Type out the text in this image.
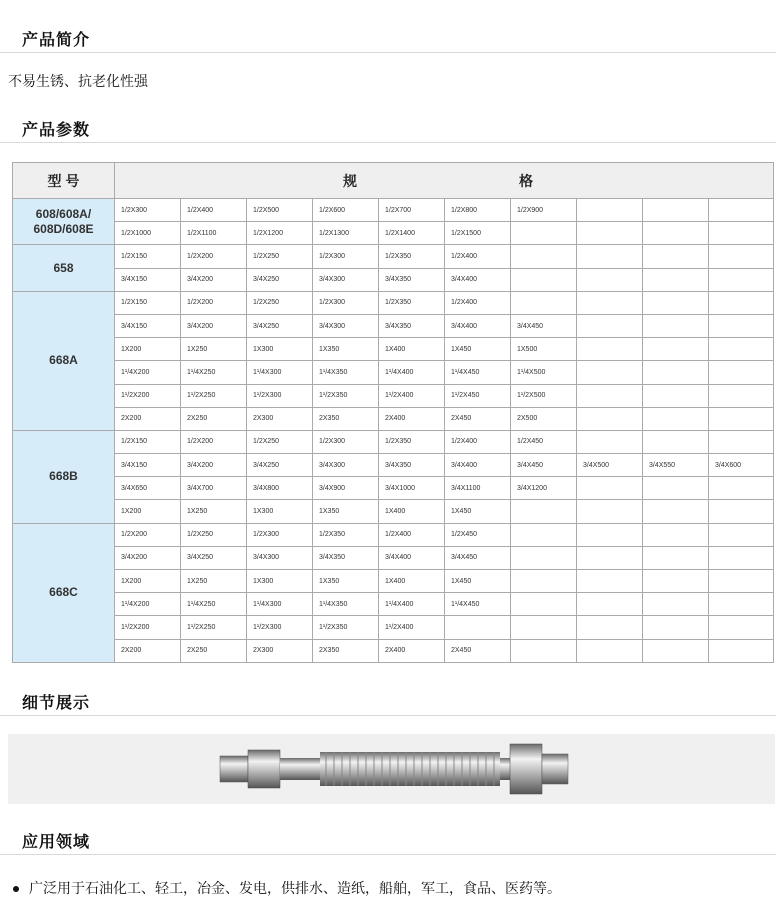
产品简介
不易生锈、抗老化性强
产品参数
型 号	规 格									
608/608A/ 608D/608E	1/2X300	1/2X400	1/2X500	1/2X600	1/2X700	1/2X800	1/2X900			
	1/2X1000	1/2X1100	1/2X1200	1/2X1300	1/2X1400	1/2X1500				
658	1/2X150	1/2X200	1/2X250	1/2X300	1/2X350	1/2X400				
	3/4X150	3/4X200	3/4X250	3/4X300	3/4X350	3/4X400				
668A	1/2X150	1/2X200	1/2X250	1/2X300	1/2X350	1/2X400				
	3/4X150	3/4X200	3/4X250	3/4X300	3/4X350	3/4X400	3/4X450			
	1X200	1X250	1X300	1X350	1X400	1X450	1X500			
	1¹/4X200	1¹/4X250	1¹/4X300	1¹/4X350	1¹/4X400	1¹/4X450	1¹/4X500			
	1¹/2X200	1¹/2X250	1¹/2X300	1¹/2X350	1¹/2X400	1¹/2X450	1¹/2X500			
	2X200	2X250	2X300	2X350	2X400	2X450	2X500			
668B	1/2X150	1/2X200	1/2X250	1/2X300	1/2X350	1/2X400	1/2X450			
	3/4X150	3/4X200	3/4X250	3/4X300	3/4X350	3/4X400	3/4X450	3/4X500	3/4X550	3/4X600
	3/4X650	3/4X700	3/4X800	3/4X900	3/4X1000	3/4X1100	3/4X1200			
	1X200	1X250	1X300	1X350	1X400	1X450				
668C	1/2X200	1/2X250	1/2X300	1/2X350	1/2X400	1/2X450				
	3/4X200	3/4X250	3/4X300	3/4X350	3/4X400	3/4X450				
	1X200	1X250	1X300	1X350	1X400	1X450				
	1¹/4X200	1¹/4X250	1¹/4X300	1¹/4X350	1¹/4X400	1¹/4X450				
	1¹/2X200	1¹/2X250	1¹/2X300	1¹/2X350	1¹/2X400					
	2X200	2X250	2X300	2X350	2X400	2X450				
细节展示
应用领域
广泛用于石油化工、轻工，冶金、发电，供排水、造纸，船舶，军工，食品、医药等。
